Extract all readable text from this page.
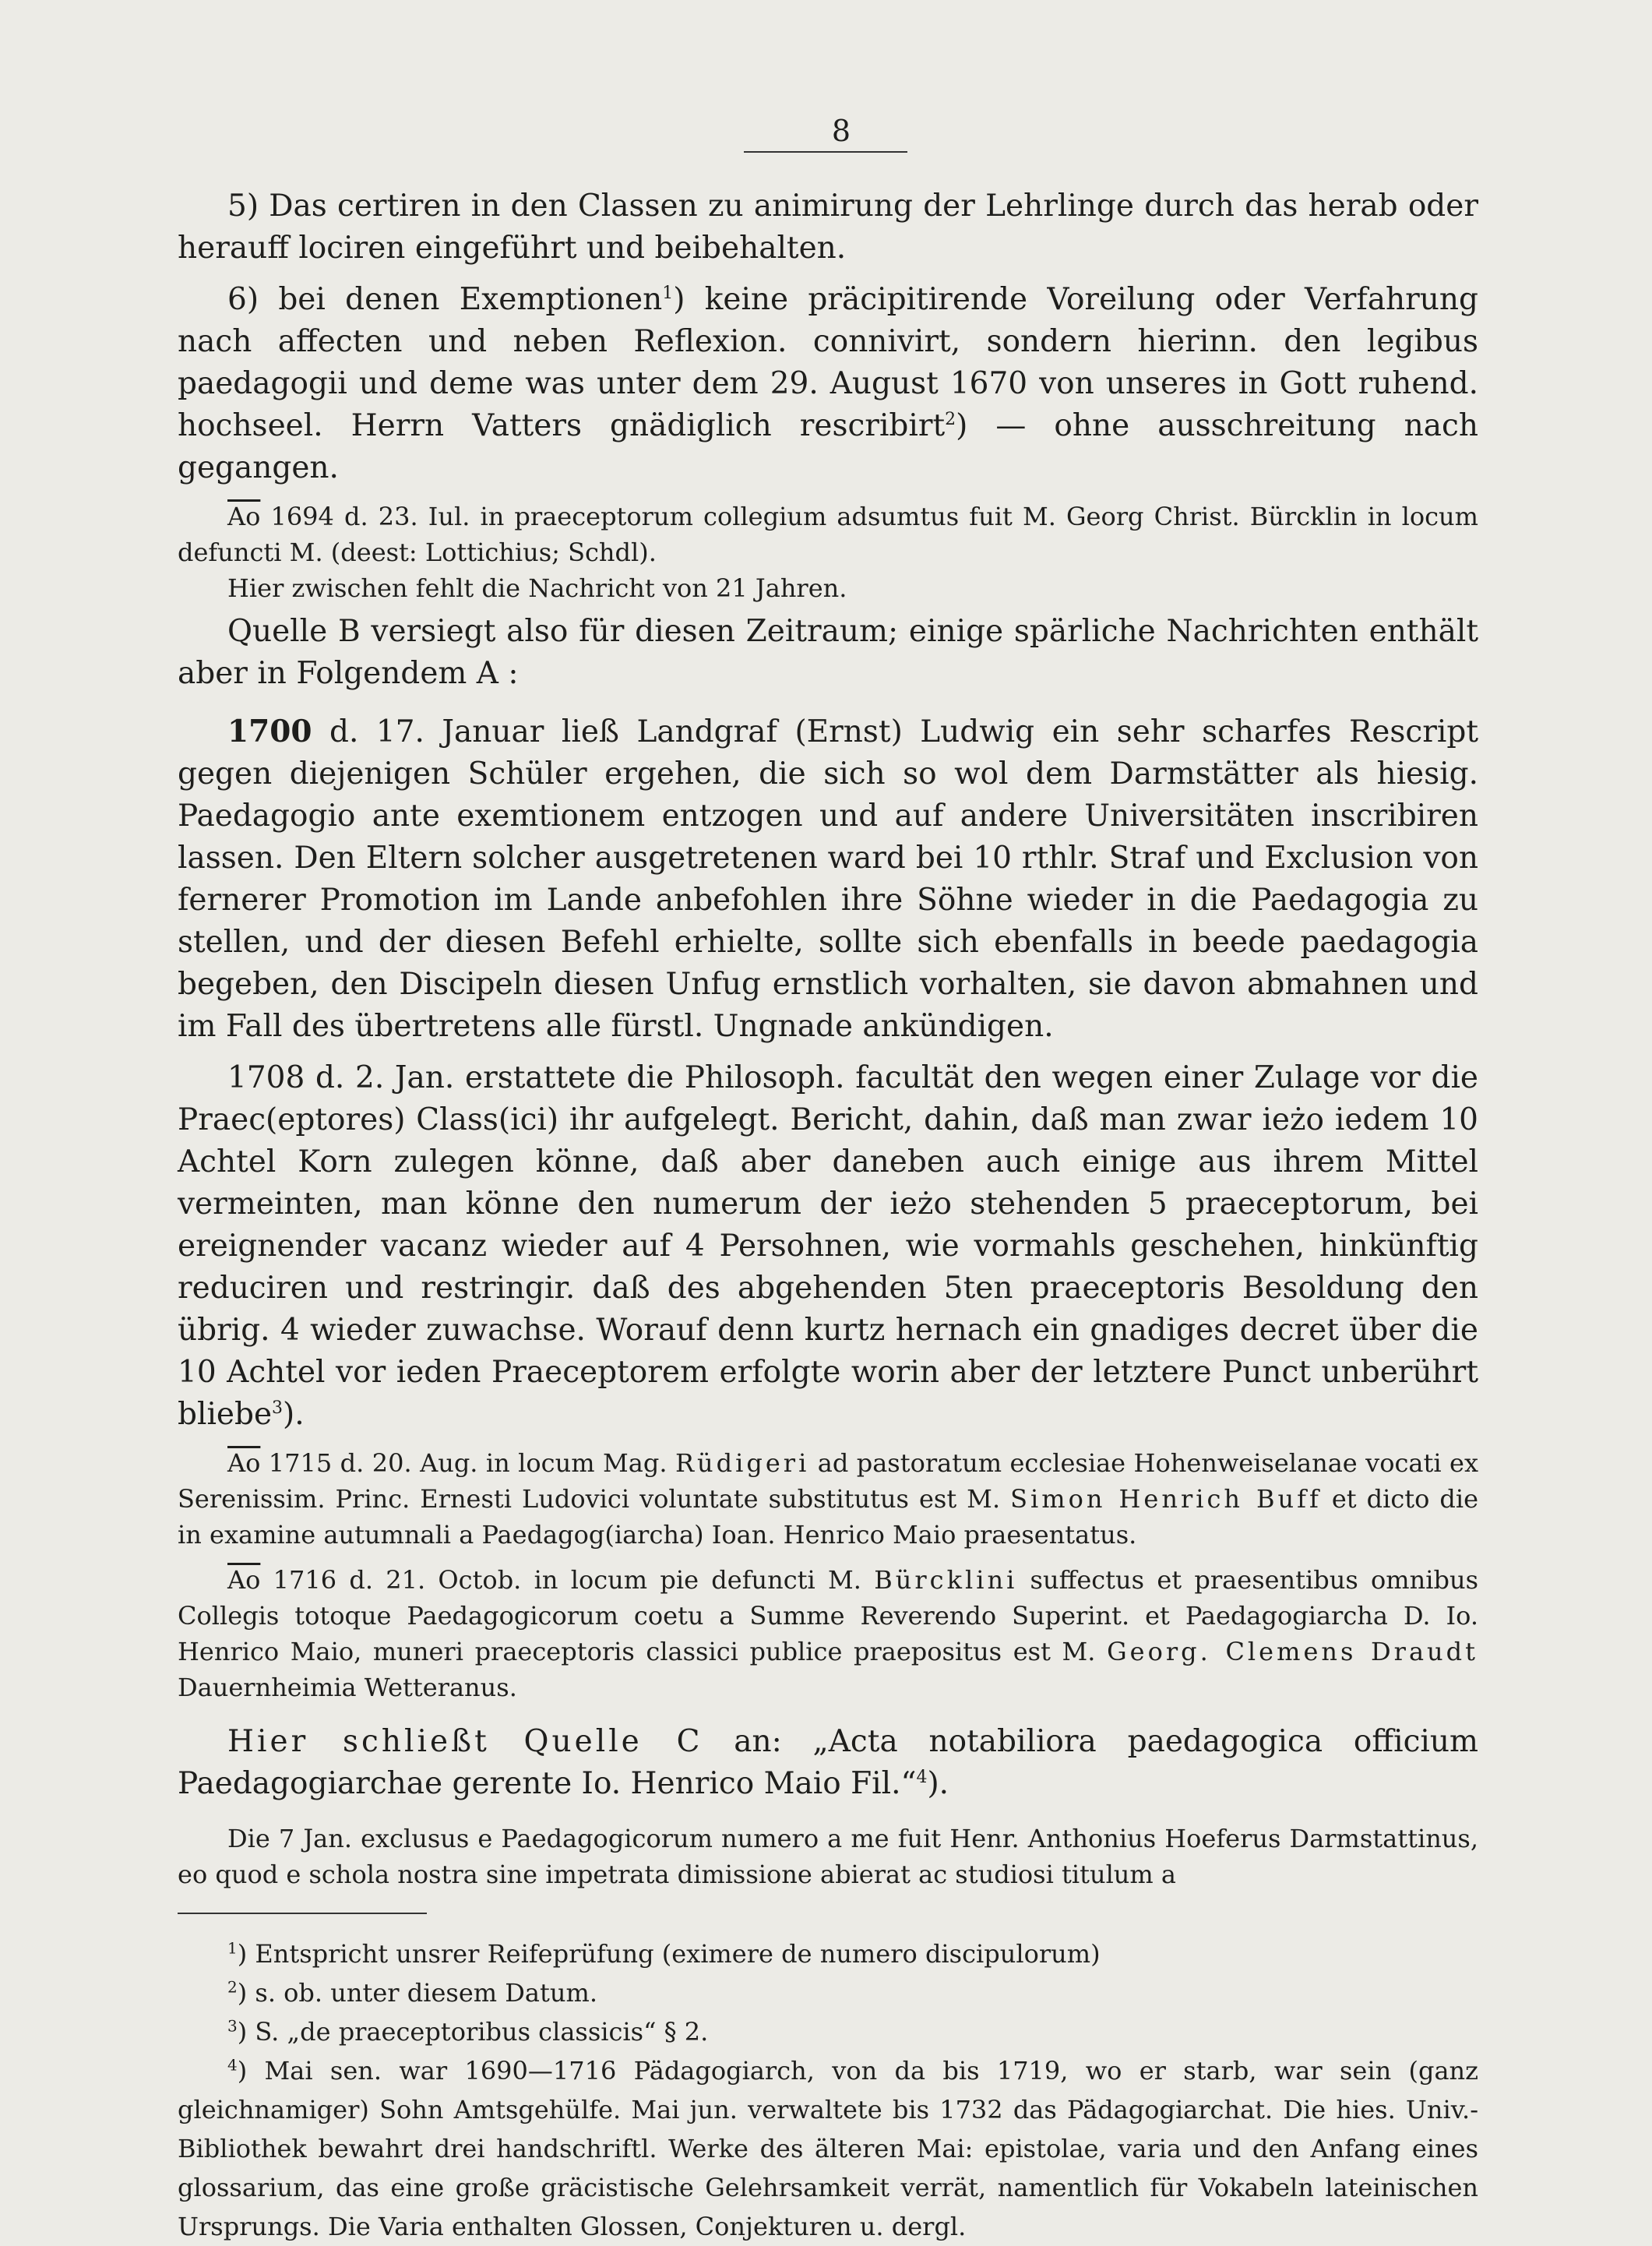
8

5) Das certiren in den Classen zu animirung der Lehrlinge durch das herab oder herauff lociren eingeführt und beibehalten.

6) bei denen Exemptionen$^1$) keine präcipitirende Voreilung oder Verfahrung nach affecten und neben Reflexion. connivirt, sondern hierinn. den legibus paedagogii und deme was unter dem 29. August 1670 von unseres in Gott ruhend. hochseel. Herrn Vatters gnädiglich rescribirt$^2$) — ohne ausschreitung nach gegangen.

$\overline{Ao}$ 1694 d. 23. Iul. in praeceptorum collegium adsumtus fuit M. Georg Christ. Bürcklin in locum defuncti M. (deest: Lottichius; Schdl).

Hier zwischen fehlt die Nachricht von 21 Jahren.

Quelle B versiegt also für diesen Zeitraum; einige spärliche Nachrichten enthält aber in Folgendem A :

1700 d. 17. Januar ließ Landgraf (Ernst) Ludwig ein sehr scharfes Rescript gegen diejenigen Schüler ergehen, die sich so wol dem Darmstätter als hiesig. Paedagogio ante exemtionem entzogen und auf andere Universitäten inscribiren lassen. Den Eltern solcher ausgetretenen ward bei 10 rthlr. Straf und Exclusion von fernerer Promotion im Lande anbefohlen ihre Söhne wieder in die Paedagogia zu stellen, und der diesen Befehl erhielte, sollte sich ebenfalls in beede paedagogia begeben, den Discipeln diesen Unfug ernstlich vorhalten, sie davon abmahnen und im Fall des übertretens alle fürstl. Ungnade ankündigen.

1708 d. 2. Jan. erstattete die Philosoph. facultät den wegen einer Zulage vor die Praec(eptores) Class(ici) ihr aufgelegt. Bericht, dahin, daß man zwar ieżo iedem 10 Achtel Korn zulegen könne, daß aber daneben auch einige aus ihrem Mittel vermeinten, man könne den numerum der ieżo stehenden 5 praeceptorum, bei ereignender vacanz wieder auf 4 Persohnen, wie vormahls geschehen, hinkünftig reduciren und restringir. daß des abgehenden 5ten praeceptoris Besoldung den übrig. 4 wieder zuwachse. Worauf denn kurtz hernach ein gnadiges decret über die 10 Achtel vor ieden Praeceptorem erfolgte worin aber der letztere Punct unberührt bliebe$^3$).

$\overline{Ao}$ 1715 d. 20. Aug. in locum Mag. Rüdigeri ad pastoratum ecclesiae Hohenweiselanae vocati ex Serenissim. Princ. Ernesti Ludovici voluntate substitutus est M. Simon Henrich Buff et dicto die in examine autumnali a Paedagog(iarcha) Ioan. Henrico Maio praesentatus.

$\overline{Ao}$ 1716 d. 21. Octob. in locum pie defuncti M. Bürcklini suffectus et praesentibus omnibus Collegis totoque Paedagogicorum coetu a Summe Reverendo Superint. et Paedagogiarcha D. Io. Henrico Maio, muneri praeceptoris classici publice praepositus est M. Georg. Clemens Draudt Dauernheimia Wetteranus.

Hier schließt Quelle C an: „Acta notabiliora paedagogica officium Paedagogiarchae gerente Io. Henrico Maio Fil.“$^4$).

Die 7 Jan. exclusus e Paedagogicorum numero a me fuit Henr. Anthonius Hoeferus Darmstattinus, eo quod e schola nostra sine impetrata dimissione abierat ac studiosi titulum a

$^1$) Entspricht unsrer Reifeprüfung (eximere de numero discipulorum)

$^2$) s. ob. unter diesem Datum.

$^3$) S. „de praeceptoribus classicis“ § 2.

$^4$) Mai sen. war 1690—1716 Pädagogiarch, von da bis 1719, wo er starb, war sein (ganz gleichnamiger) Sohn Amtsgehülfe. Mai jun. verwaltete bis 1732 das Pädagogiarchat. Die hies. Univ.-Bibliothek bewahrt drei handschriftl. Werke des älteren Mai: epistolae, varia und den Anfang eines glossarium, das eine große gräcistische Gelehrsamkeit verrät, namentlich für Vokabeln lateinischen Ursprungs. Die Varia enthalten Glossen, Conjekturen u. dergl.
